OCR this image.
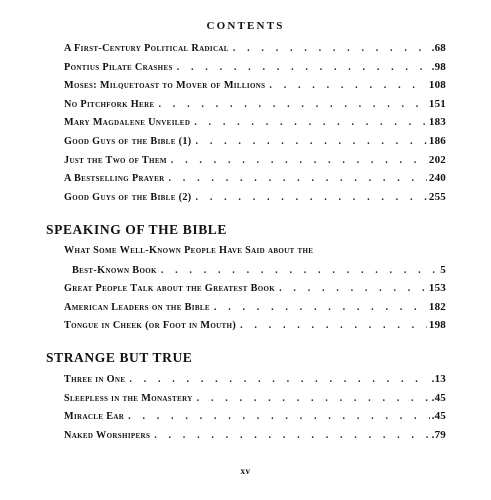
CONTENTS
A First-Century Political Radical . . .	.68
Pontius Pilate Crashes . . .	.98
Moses: Milquetoast to Mover of Millions . . .	108
No Pitchfork Here . . .	151
Mary Magdalene Unveiled . . .	183
Good Guys of the Bible (1) . . .	186
Just the Two of Them . . .	202
A Bestselling Prayer . . .	240
Good Guys of the Bible (2) . . .	255
SPEAKING OF THE BIBLE
What Some Well-Known People Have Said about the
Best-Known Book . . .	5
Great People Talk about the Greatest Book . . .	153
American Leaders on the Bible . . .	182
Tongue in Cheek (or Foot in Mouth) . . .	198
STRANGE BUT TRUE
Three in One . . .	.13
Sleepless in the Monastery . . .	.45
Miracle Ear . . .	.45
Naked Worshipers . . .	.79
xv
